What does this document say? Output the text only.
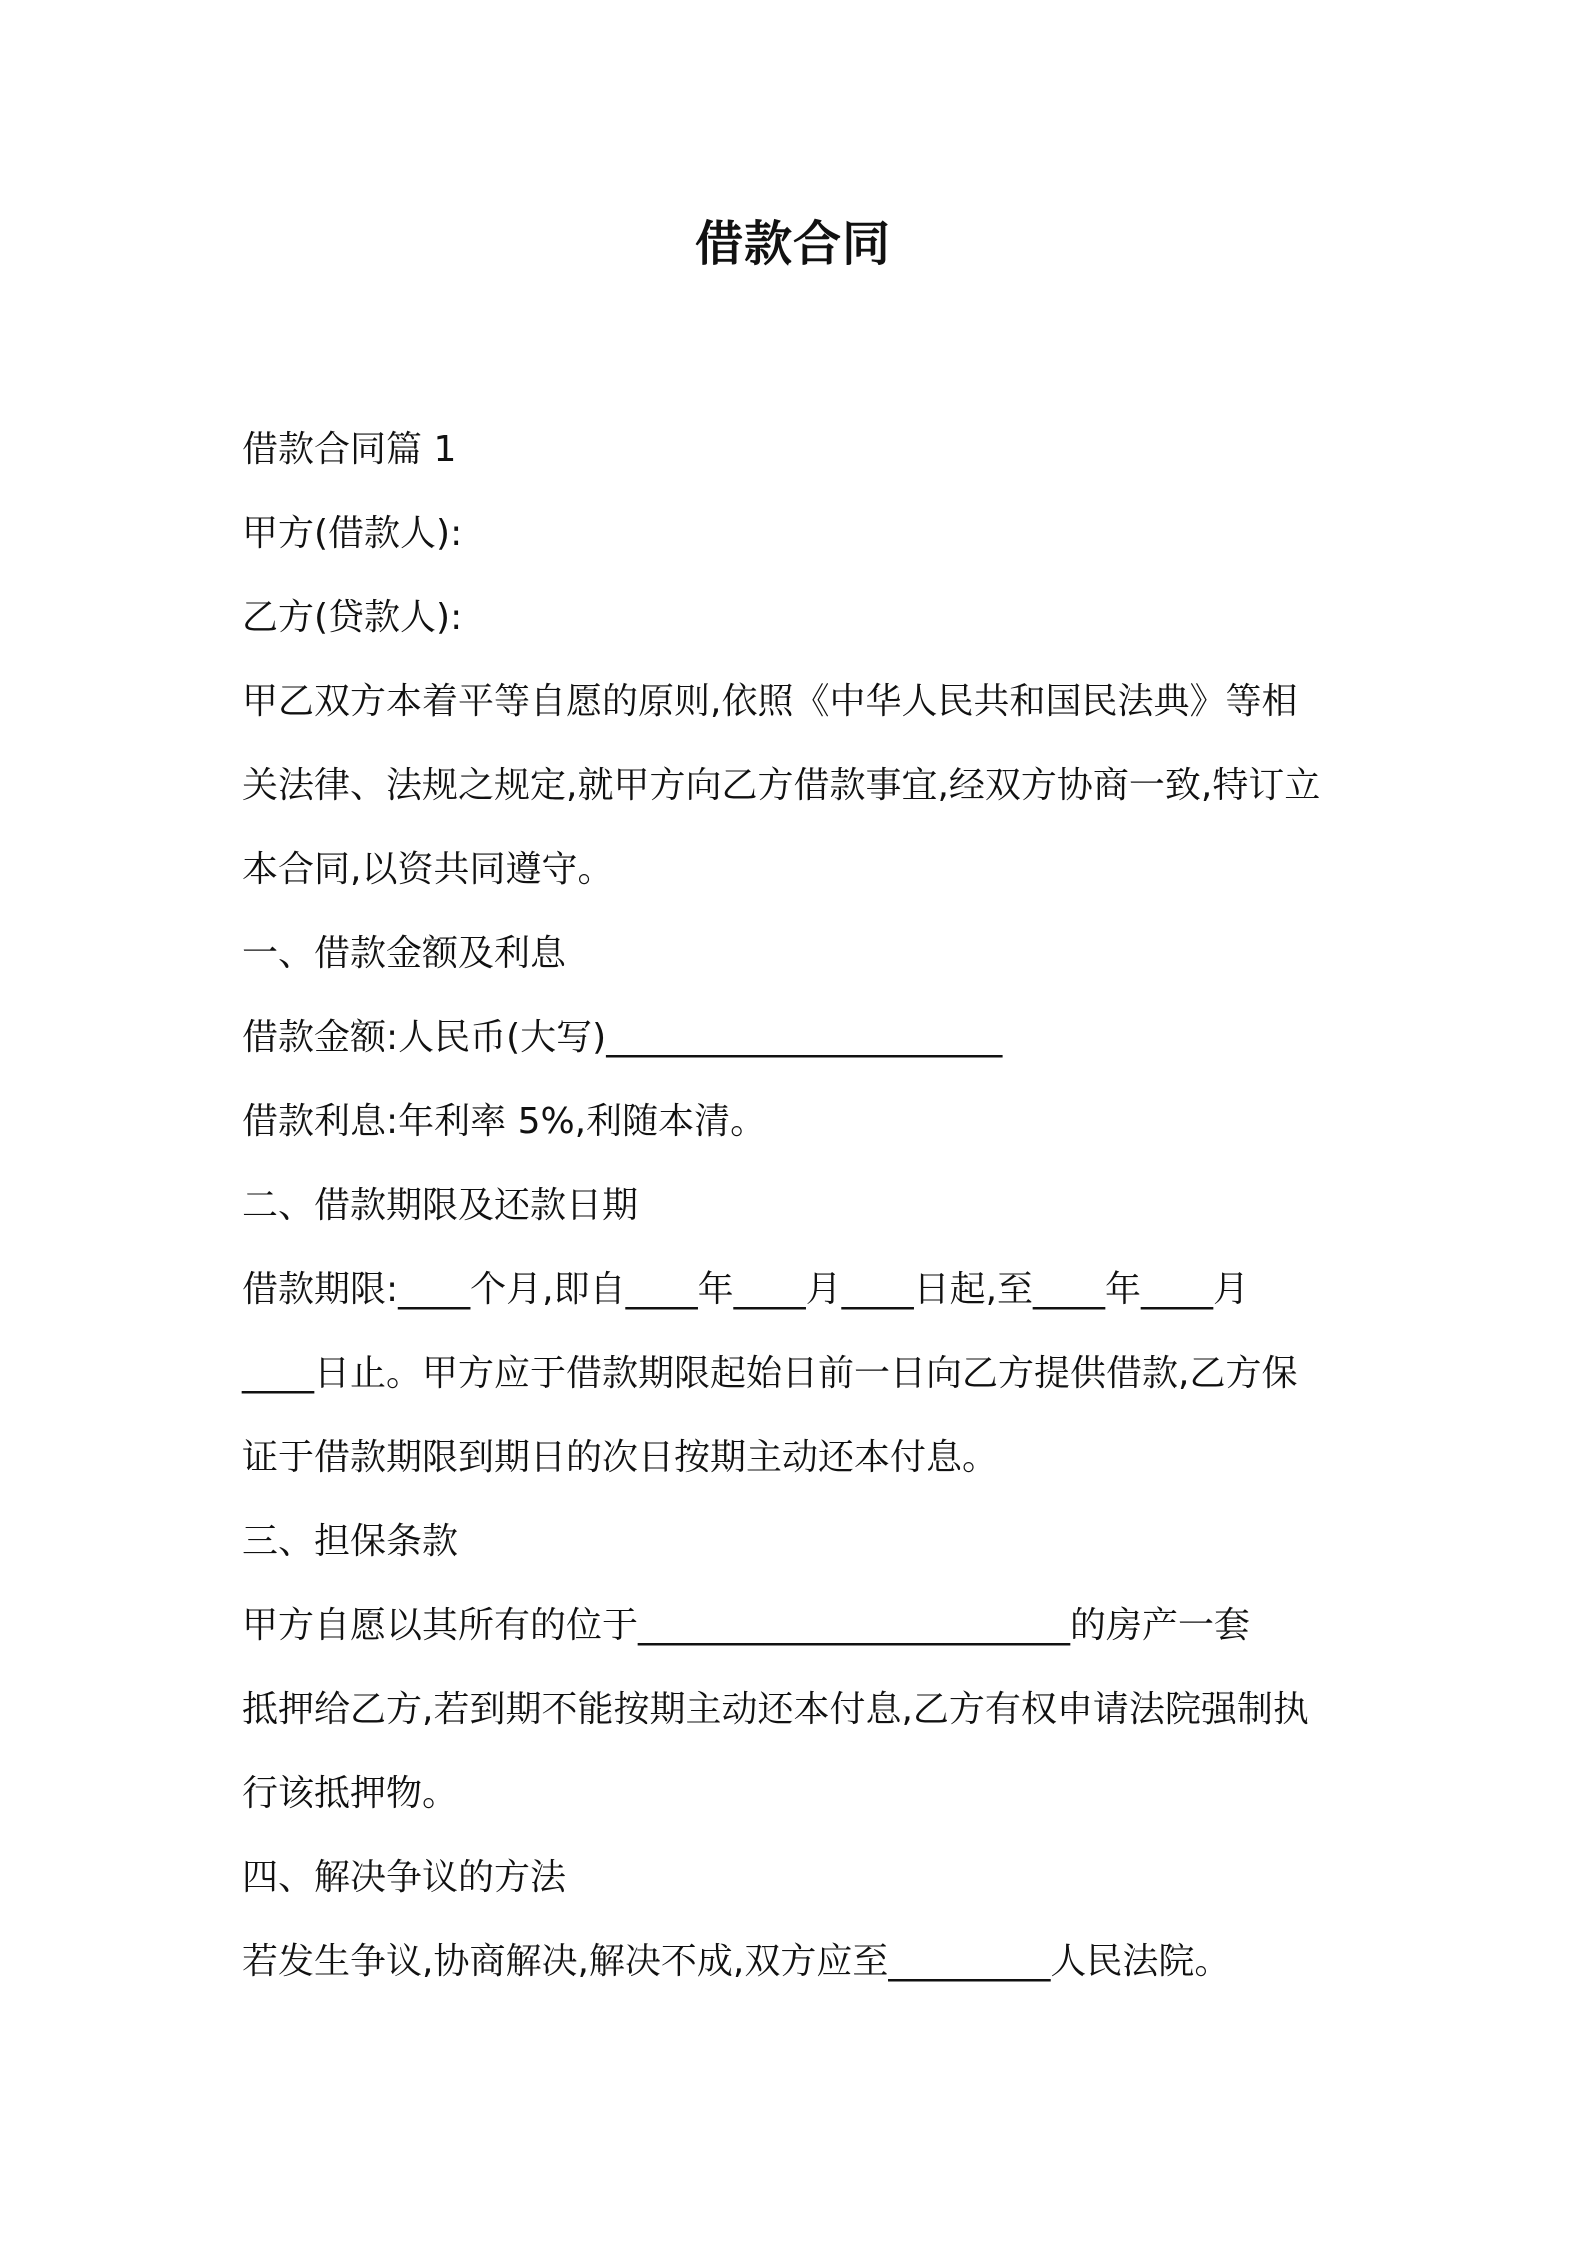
借款合同
借款合同篇 1
甲方(借款人):
乙方(贷款人):
甲乙双方本着平等自愿的原则,依照《中华人民共和国民法典》等相
关法律、法规之规定,就甲方向乙方借款事宜,经双方协商一致,特订立
本合同,以资共同遵守。
一、借款金额及利息
借款金额:人民币(大写)______________________
借款利息:年利率 5%,利随本清。
二、借款期限及还款日期
借款期限:____个月,即自____年____月____日起,至____年____月
____日止。甲方应于借款期限起始日前一日向乙方提供借款,乙方保
证于借款期限到期日的次日按期主动还本付息。
三、担保条款
甲方自愿以其所有的位于________________________的房产一套
抵押给乙方,若到期不能按期主动还本付息,乙方有权申请法院强制执
行该抵押物。
四、解决争议的方法
若发生争议,协商解决,解决不成,双方应至_________人民法院。
